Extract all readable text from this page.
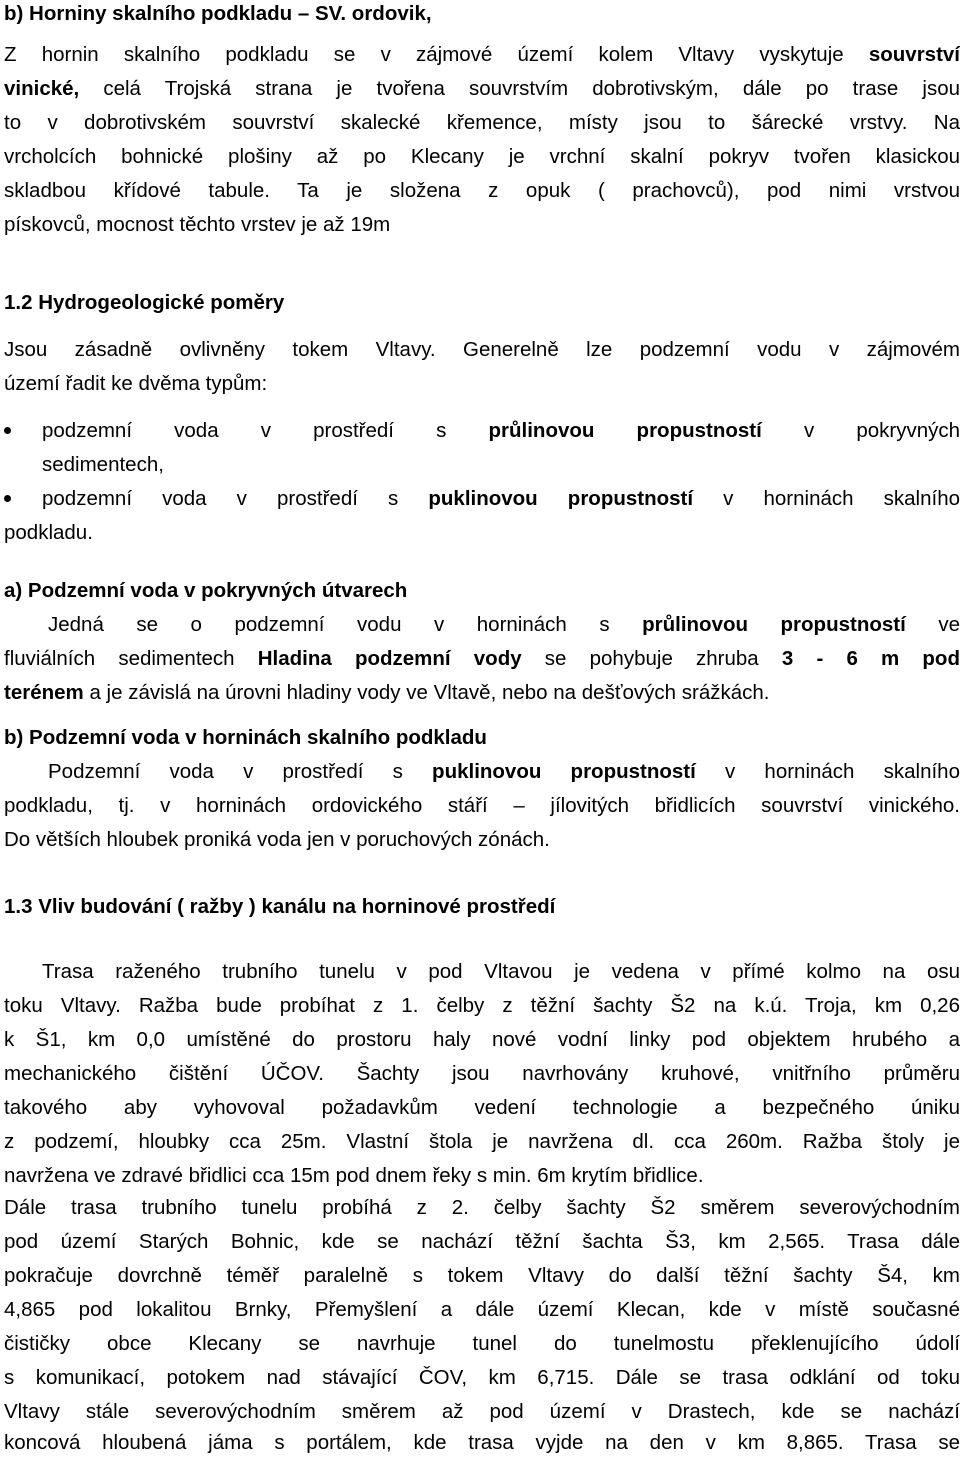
b) Horniny skalního podkladu – SV. ordovik,
Z hornin skalního podkladu se v zájmové území kolem Vltavy vyskytuje souvrství
vinické, celá Trojská strana je tvořena souvrstvím dobrotivským, dále po trase jsou
to v dobrotivském souvrství skalecké křemence, místy jsou to šárecké vrstvy. Na
vrcholcích bohnické plošiny až po Klecany je vrchní skalní pokryv tvořen klasickou
skladbou křídové tabule. Ta je složena z opuk ( prachovců), pod nimi vrstvou
pískovců, mocnost těchto vrstev je až 19m
1.2 Hydrogeologické poměry
Jsou zásadně ovlivněny tokem Vltavy. Generelně lze podzemní vodu v zájmovém
území řadit ke dvěma typům:
podzemní voda v prostředí s průlinovou propustností v pokryvných
sedimentech,
podzemní voda v prostředí s puklinovou propustností v horninách skalního
podkladu.
a) Podzemní voda v pokryvných útvarech
Jedná se o podzemní vodu v horninách s průlinovou propustností ve
fluviálních sedimentech Hladina podzemní vody se pohybuje zhruba 3 - 6 m pod
terénem a je závislá na úrovni hladiny vody ve Vltavě, nebo na dešťových srážkách.
b) Podzemní voda v horninách skalního podkladu
Podzemní voda v prostředí s puklinovou propustností v horninách skalního
podkladu, tj. v horninách ordovického stáří – jílovitých břidlicích souvrství vinického.
Do větších hloubek proniká voda jen v poruchových zónách.
1.3 Vliv budování ( ražby ) kanálu na horninové prostředí
Trasa raženého trubního tunelu v pod Vltavou je vedena v přímé kolmo na osu
toku Vltavy. Ražba bude probíhat z 1. čelby z těžní šachty Š2 na k.ú. Troja, km 0,26
k Š1, km 0,0 umístěné do prostoru haly nové vodní linky pod objektem hrubého a
mechanického čištění ÚČOV. Šachty jsou navrhovány kruhové, vnitřního průměru
takového aby vyhovoval požadavkům vedení technologie a bezpečného úniku
z podzemí, hloubky cca 25m. Vlastní štola je navržena dl. cca 260m. Ražba štoly je
navržena ve zdravé břidlici cca 15m pod dnem řeky s min. 6m krytím břidlice.
Dále trasa trubního tunelu probíhá z 2. čelby šachty Š2 směrem severovýchodním
pod území Starých Bohnic, kde se nachází těžní šachta Š3, km 2,565. Trasa dále
pokračuje dovrchně téměř paralelně s tokem Vltavy do další těžní šachty Š4, km
4,865 pod lokalitou Brnky, Přemyšlení a dále území Klecan, kde v místě současné
čističky obce Klecany se navrhuje tunel do tunelmostu překlenujícího údolí
s komunikací, potokem nad stávající ČOV, km 6,715. Dále se trasa odklání od toku
Vltavy stále severovýchodním směrem až pod území v Drastech, kde se nachází
koncová hloubená jáma s portálem, kde trasa vyjde na den v km 8,865. Trasa se
